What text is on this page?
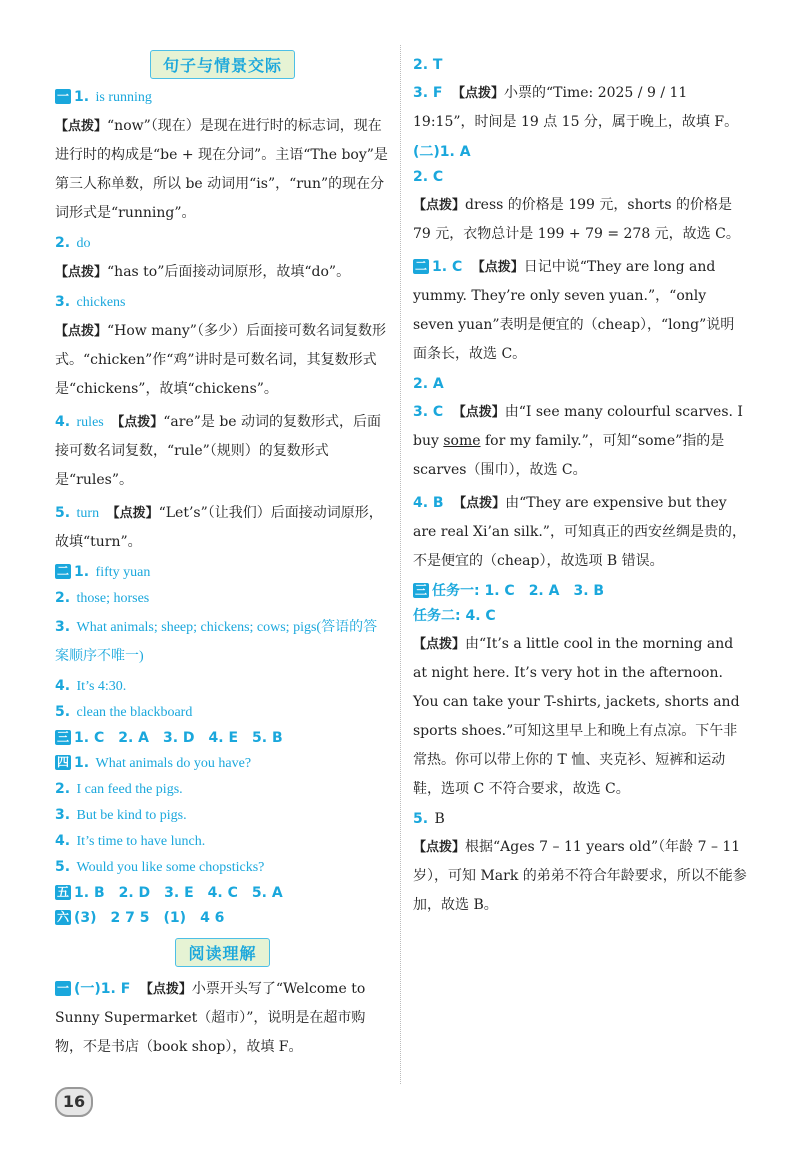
句子与情景交际

一 1. is running

【点拨】“now”（现在）是现在进行时的标志词，现在进行时的构成是“be + 现在分词”。主语“The boy”是第三人称单数，所以 be 动词用“is”，“run”的现在分词形式是“running”。

2. do

【点拨】“has to”后面接动词原形，故填“do”。

3. chickens

【点拨】“How many”（多少）后面接可数名词复数形式。“chicken”作“鸡”讲时是可数名词，其复数形式是“chickens”，故填“chickens”。

4. rules　 【点拨】“are”是 be 动词的复数形式，后面接可数名词复数，“rule”（规则）的复数形式是“rules”。

5. turn　 【点拨】“Let’s”（让我们）后面接动词原形，故填“turn”。

二 1. fifty yuan

2. those; horses

3. What animals; sheep; chickens; cows; pigs(答语的答案顺序不唯一)

4. It’s 4:30.

5. clean the blackboard

三 1. C　2. A　3. D　4. E　5. B

四 1. What animals do you have?

2. I can feed the pigs.

3. But be kind to pigs.

4. It’s time to have lunch.

5. Would you like some chopsticks?

五 1. B　2. D　3. E　4. C　5. A

六 (3)　2 7 5　(1)　4 6

阅读理解

一 (一)1. F　 【点拨】小票开头写了“Welcome to Sunny Supermarket（超市）”，说明是在超市购物，不是书店（book shop），故填 F。

2. T

3. F　 【点拨】小票的“Time: 2025 / 9 / 11 19:15”，时间是 19 点 15 分，属于晚上，故填 F。

(二)1. A

2. C

【点拨】dress 的价格是 199 元，shorts 的价格是 79 元，衣物总计是 199 + 79 = 278 元，故选 C。

二 1. C　 【点拨】日记中说“They are long and yummy. They’re only seven yuan.”，“only seven yuan”表明是便宜的（cheap），“long”说明面条长，故选 C。

2. A

3. C　 【点拨】由“I see many colourful scarves. I buy some for my family.”，可知“some”指的是 scarves（围巾），故选 C。

4. B　 【点拨】由“They are expensive but they are real Xi’an silk.”，可知真正的西安丝绸是贵的，不是便宜的（cheap），故选项 B 错误。

三 任务一: 1. C　2. A　3. B

任务二: 4. C

【点拨】由“It’s a little cool in the morning and at night here. It’s very hot in the afternoon. You can take your T-shirts, jackets, shorts and sports shoes.”可知这里早上和晚上有点凉。下午非常热。你可以带上你的 T 恤、夹克衫、短裤和运动鞋，选项 C 不符合要求，故选 C。

5. B

【点拨】根据“Ages 7 – 11 years old”（年龄 7 – 11 岁），可知 Mark 的弟弟不符合年龄要求，所以不能参加，故选 B。

16
